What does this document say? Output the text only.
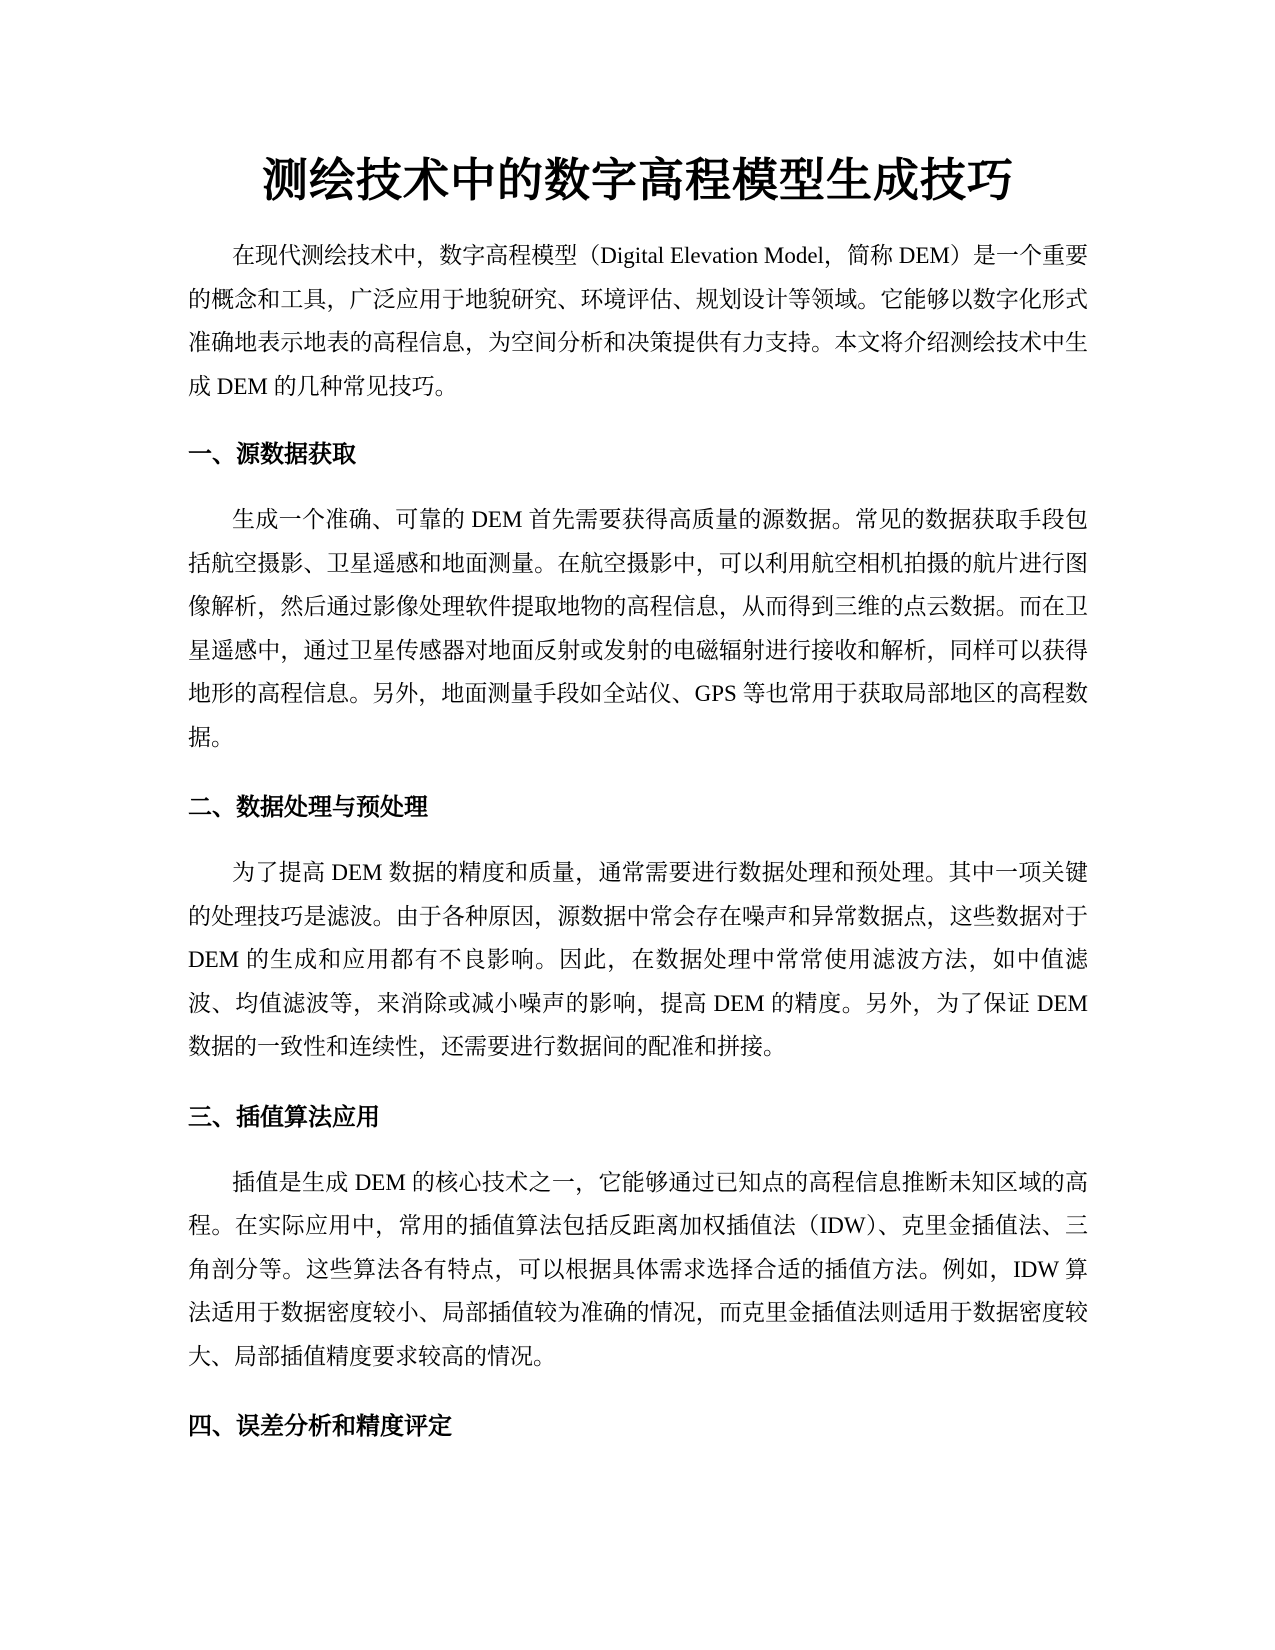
测绘技术中的数字高程模型生成技巧

在现代测绘技术中，数字高程模型（Digital Elevation Model，简称 DEM）是一个重要的概念和工具，广泛应用于地貌研究、环境评估、规划设计等领域。它能够以数字化形式准确地表示地表的高程信息，为空间分析和决策提供有力支持。本文将介绍测绘技术中生成 DEM 的几种常见技巧。

一、源数据获取

生成一个准确、可靠的 DEM 首先需要获得高质量的源数据。常见的数据获取手段包括航空摄影、卫星遥感和地面测量。在航空摄影中，可以利用航空相机拍摄的航片进行图像解析，然后通过影像处理软件提取地物的高程信息，从而得到三维的点云数据。而在卫星遥感中，通过卫星传感器对地面反射或发射的电磁辐射进行接收和解析，同样可以获得地形的高程信息。另外，地面测量手段如全站仪、GPS 等也常用于获取局部地区的高程数据。

二、数据处理与预处理

为了提高 DEM 数据的精度和质量，通常需要进行数据处理和预处理。其中一项关键的处理技巧是滤波。由于各种原因，源数据中常会存在噪声和异常数据点，这些数据对于 DEM 的生成和应用都有不良影响。因此，在数据处理中常常使用滤波方法，如中值滤波、均值滤波等，来消除或减小噪声的影响，提高 DEM 的精度。另外，为了保证 DEM 数据的一致性和连续性，还需要进行数据间的配准和拼接。

三、插值算法应用

插值是生成 DEM 的核心技术之一，它能够通过已知点的高程信息推断未知区域的高程。在实际应用中，常用的插值算法包括反距离加权插值法（IDW）、克里金插值法、三角剖分等。这些算法各有特点，可以根据具体需求选择合适的插值方法。例如，IDW 算法适用于数据密度较小、局部插值较为准确的情况，而克里金插值法则适用于数据密度较大、局部插值精度要求较高的情况。

四、误差分析和精度评定
